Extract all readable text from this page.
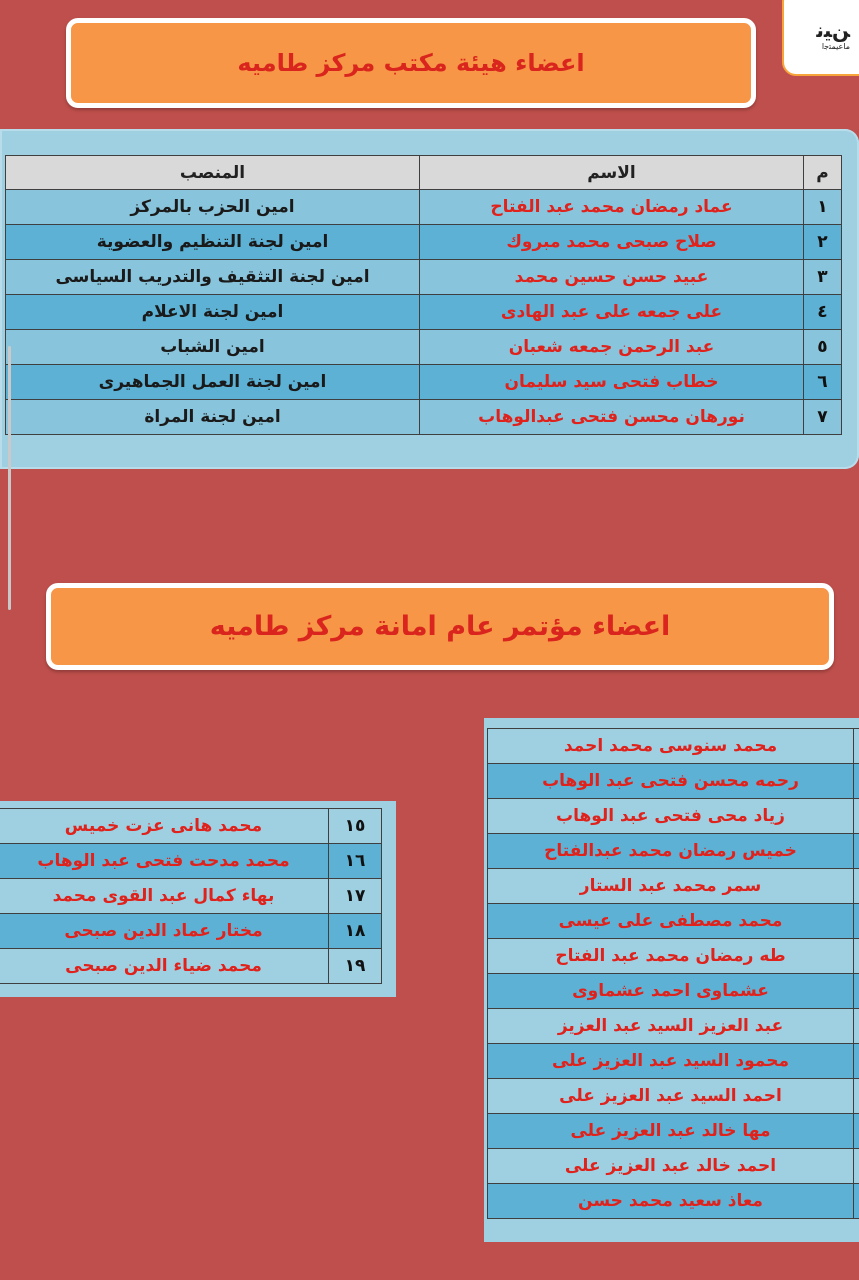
ﻦﻴﻧ
ﻣﺎﻋﻴﻤﺘﺟﺍ
اعضاء هيئة مكتب مركز طاميه
م	الاسم	المنصب
١	عماد رمضان محمد عبد الفتاح	امين الحزب بالمركز
٢	صلاح صبحى محمد مبروك	امين لجنة التنظيم والعضوية
٣	عبيد حسن حسين محمد	امين لجنة التثقيف والتدريب السياسى
٤	على جمعه على عبد الهادى	امين لجنة الاعلام
٥	عبد الرحمن جمعه شعبان	امين الشباب
٦	خطاب فتحى سيد سليمان	امين لجنة العمل الجماهيرى
٧	نورهان محسن فتحى عبدالوهاب	امين لجنة المراة
اعضاء مؤتمر عام امانة مركز طاميه
١٥	محمد هانى عزت خميس
١٦	محمد مدحت فتحى عبد الوهاب
١٧	بهاء كمال عبد القوى محمد
١٨	مختار عماد الدين صبحى
١٩	محمد ضياء الدين صبحى
	محمد سنوسى محمد احمد
	رحمه محسن فتحى عبد الوهاب
	زياد محى فتحى عبد الوهاب
	خميس رمضان محمد عبدالفتاح
	سمر محمد عبد الستار
	محمد مصطفى على عيسى
	طه رمضان محمد عبد الفتاح
	عشماوى احمد عشماوى
	عبد العزيز السيد عبد العزيز
	محمود السيد عبد العزيز على
	احمد السيد عبد العزيز على
	مها خالد عبد العزيز على
	احمد خالد عبد العزيز على
	معاذ سعيد محمد حسن
